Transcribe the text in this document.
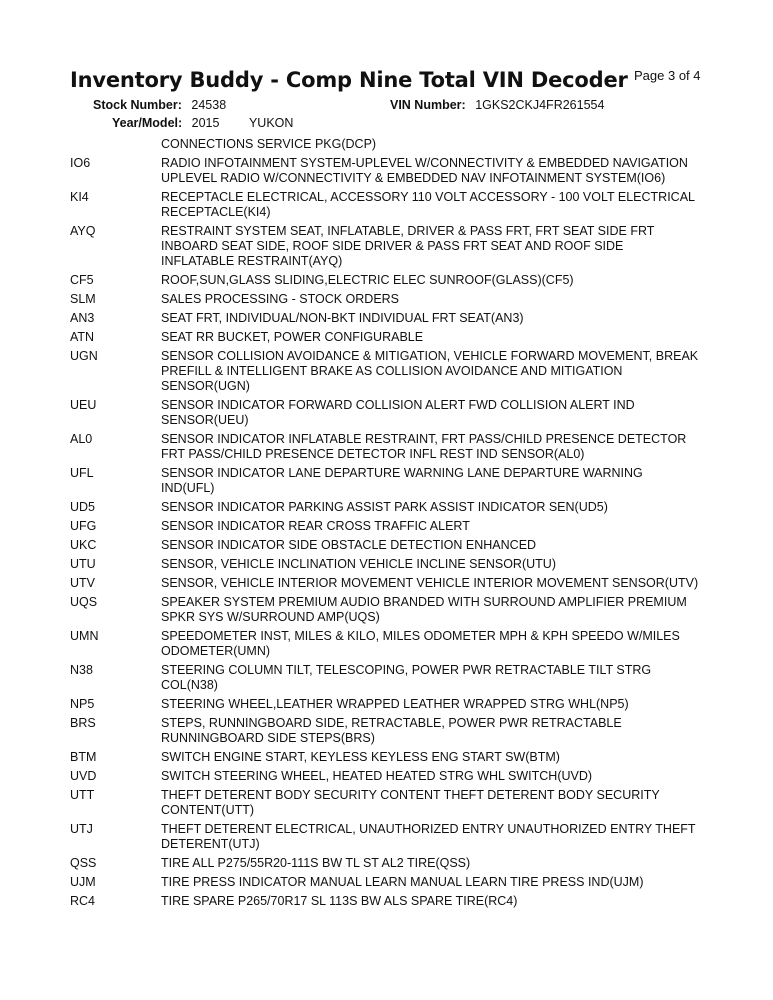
Inventory Buddy - Comp Nine Total VIN Decoder Page 3 of 4
Stock Number: 24538	VIN Number: 1GKS2CKJ4FR261554
Year/Model: 2015 YUKON
CONNECTIONS SERVICE PKG(DCP)
IO6	RADIO INFOTAINMENT SYSTEM-UPLEVEL W/CONNECTIVITY & EMBEDDED NAVIGATION
UPLEVEL RADIO W/CONNECTIVITY & EMBEDDED NAV INFOTAINMENT SYSTEM(IO6)
KI4	RECEPTACLE ELECTRICAL, ACCESSORY 110 VOLT ACCESSORY - 100 VOLT ELECTRICAL
RECEPTACLE(KI4)
AYQ	RESTRAINT SYSTEM SEAT, INFLATABLE, DRIVER & PASS FRT, FRT SEAT SIDE FRT
INBOARD SEAT SIDE, ROOF SIDE DRIVER & PASS FRT SEAT AND ROOF SIDE
INFLATABLE RESTRAINT(AYQ)
CF5	ROOF,SUN,GLASS SLIDING,ELECTRIC ELEC SUNROOF(GLASS)(CF5)
SLM	SALES PROCESSING - STOCK ORDERS
AN3	SEAT FRT, INDIVIDUAL/NON-BKT INDIVIDUAL FRT SEAT(AN3)
ATN	SEAT RR BUCKET, POWER CONFIGURABLE
UGN	SENSOR COLLISION AVOIDANCE & MITIGATION, VEHICLE FORWARD MOVEMENT, BREAK
PREFILL & INTELLIGENT BRAKE AS COLLISION AVOIDANCE AND MITIGATION
SENSOR(UGN)
UEU	SENSOR INDICATOR FORWARD COLLISION ALERT FWD COLLISION ALERT IND
SENSOR(UEU)
AL0	SENSOR INDICATOR INFLATABLE RESTRAINT, FRT PASS/CHILD PRESENCE DETECTOR
FRT PASS/CHILD PRESENCE DETECTOR INFL REST IND SENSOR(AL0)
UFL	SENSOR INDICATOR LANE DEPARTURE WARNING LANE DEPARTURE WARNING
IND(UFL)
UD5	SENSOR INDICATOR PARKING ASSIST PARK ASSIST INDICATOR SEN(UD5)
UFG	SENSOR INDICATOR REAR CROSS TRAFFIC ALERT
UKC	SENSOR INDICATOR SIDE OBSTACLE DETECTION ENHANCED
UTU	SENSOR, VEHICLE INCLINATION VEHICLE INCLINE SENSOR(UTU)
UTV	SENSOR, VEHICLE INTERIOR MOVEMENT VEHICLE INTERIOR MOVEMENT SENSOR(UTV)
UQS	SPEAKER SYSTEM PREMIUM AUDIO BRANDED WITH SURROUND AMPLIFIER PREMIUM
SPKR SYS W/SURROUND AMP(UQS)
UMN	SPEEDOMETER INST, MILES & KILO, MILES ODOMETER MPH & KPH SPEEDO W/MILES
ODOMETER(UMN)
N38	STEERING COLUMN TILT, TELESCOPING, POWER PWR RETRACTABLE TILT STRG
COL(N38)
NP5	STEERING WHEEL,LEATHER WRAPPED LEATHER WRAPPED STRG WHL(NP5)
BRS	STEPS, RUNNINGBOARD SIDE, RETRACTABLE, POWER PWR RETRACTABLE
RUNNINGBOARD SIDE STEPS(BRS)
BTM	SWITCH ENGINE START, KEYLESS KEYLESS ENG START SW(BTM)
UVD	SWITCH STEERING WHEEL, HEATED HEATED STRG WHL SWITCH(UVD)
UTT	THEFT DETERENT BODY SECURITY CONTENT THEFT DETERENT BODY SECURITY
CONTENT(UTT)
UTJ	THEFT DETERENT ELECTRICAL, UNAUTHORIZED ENTRY UNAUTHORIZED ENTRY THEFT
DETERENT(UTJ)
QSS	TIRE ALL P275/55R20-111S BW TL ST AL2 TIRE(QSS)
UJM	TIRE PRESS INDICATOR MANUAL LEARN MANUAL LEARN TIRE PRESS IND(UJM)
RC4	TIRE SPARE P265/70R17 SL 113S BW ALS SPARE TIRE(RC4)
